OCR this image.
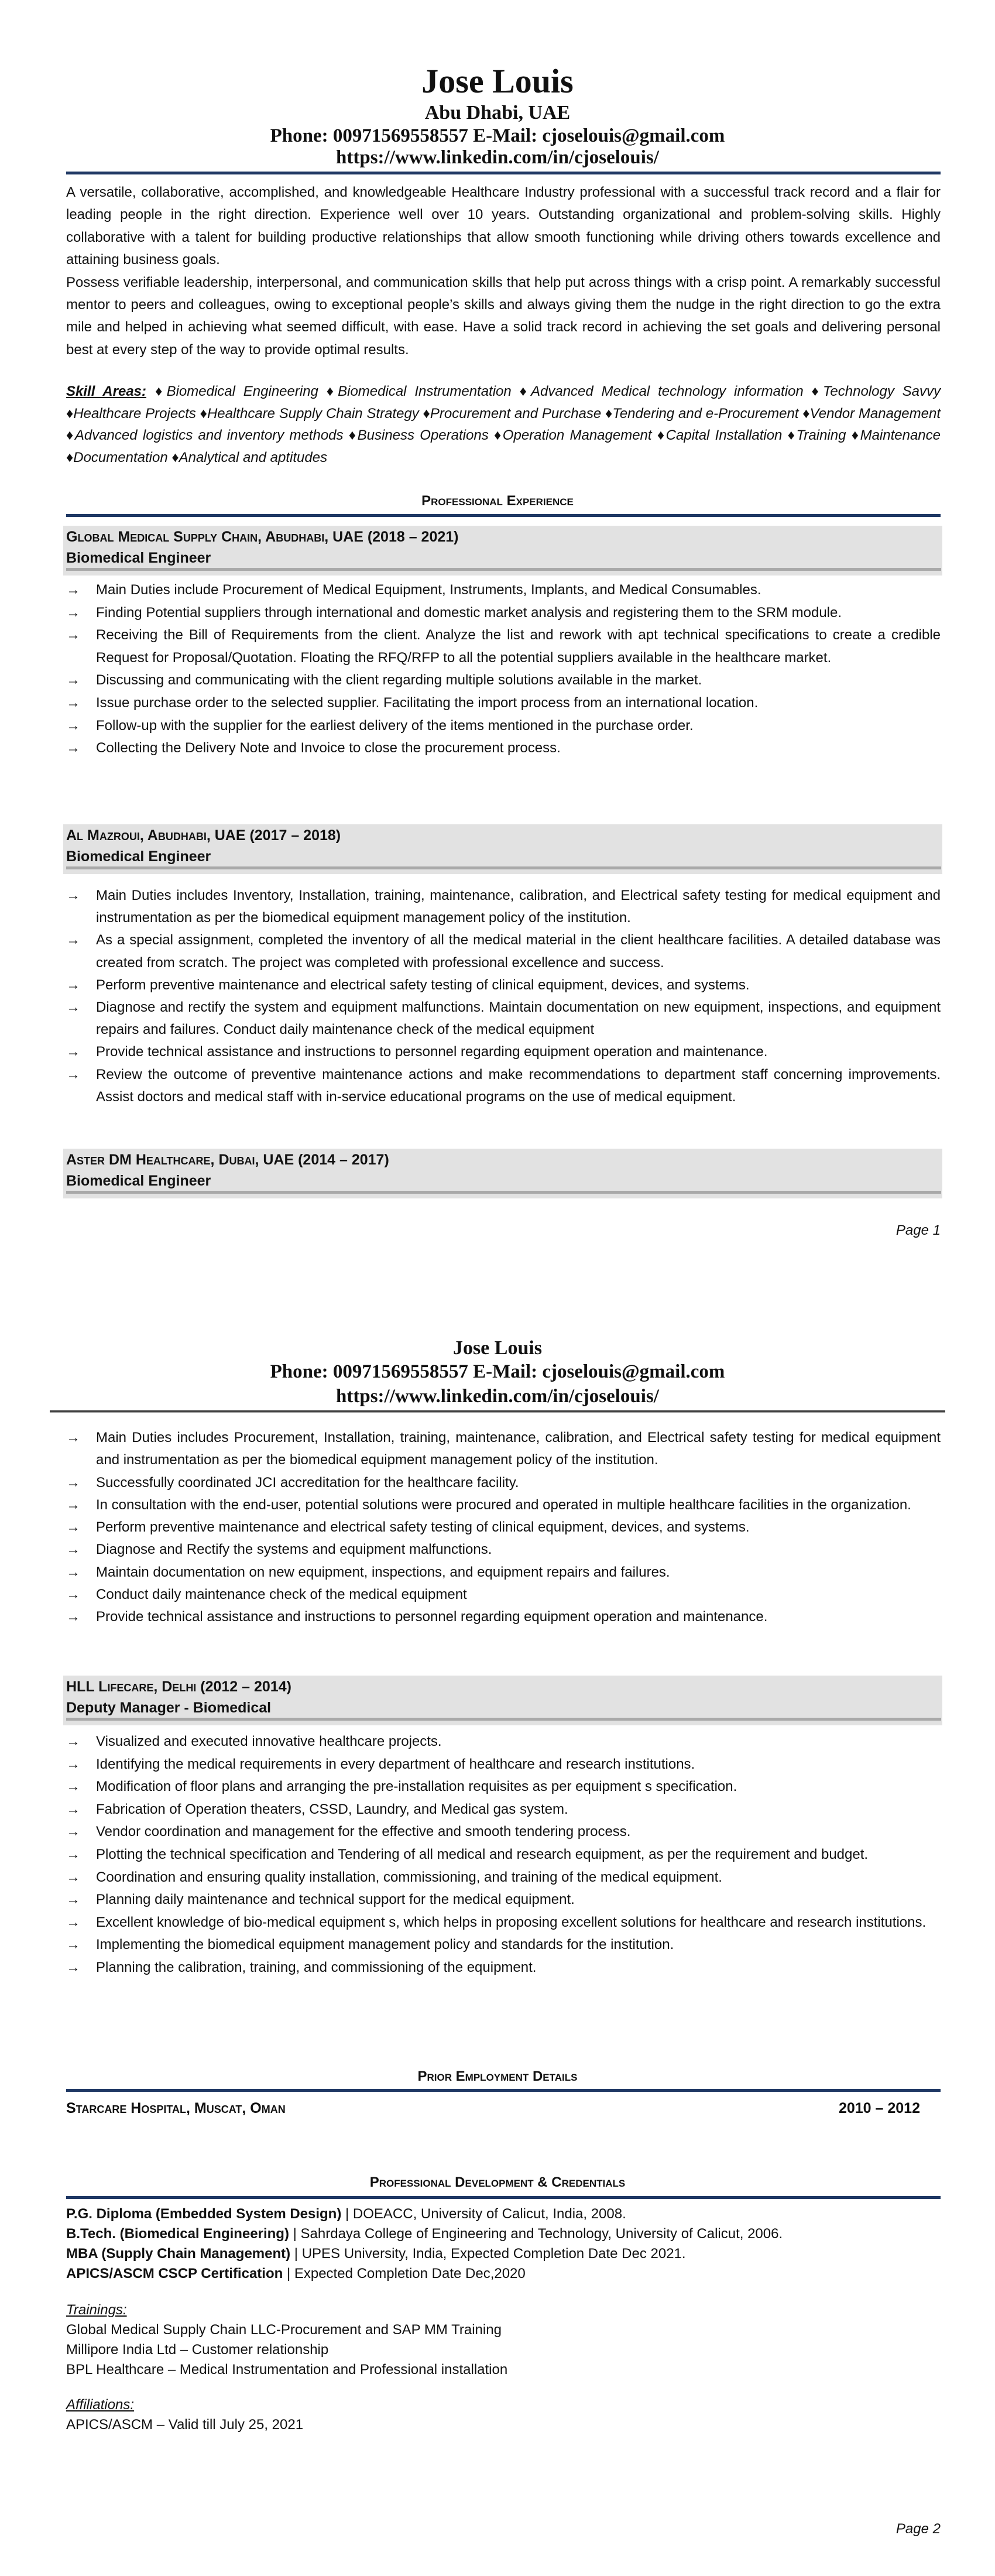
Jose Louis
Abu Dhabi, UAE
Phone: 00971569558557 E-Mail: cjoselouis@gmail.com
https://www.linkedin.com/in/cjoselouis/

A versatile, collaborative, accomplished, and knowledgeable Healthcare Industry professional with a successful track record and a flair for leading people in the right direction. Experience well over 10 years. Outstanding organizational and problem-solving skills. Highly collaborative with a talent for building productive relationships that allow smooth functioning while driving others towards excellence and attaining business goals.

Possess verifiable leadership, interpersonal, and communication skills that help put across things with a crisp point. A remarkably successful mentor to peers and colleagues, owing to exceptional people’s skills and always giving them the nudge in the right direction to go the extra mile and helped in achieving what seemed difficult, with ease. Have a solid track record in achieving the set goals and delivering personal best at every step of the way to provide optimal results.

Skill Areas: ♦Biomedical Engineering ♦Biomedical Instrumentation ♦Advanced Medical technology information ♦Technology Savvy ♦Healthcare Projects ♦Healthcare Supply Chain Strategy ♦Procurement and Purchase ♦Tendering and e-Procurement ♦Vendor Management ♦Advanced logistics and inventory methods ♦Business Operations ♦Operation Management ♦Capital Installation ♦Training ♦Maintenance ♦Documentation ♦Analytical and aptitudes

Professional Experience
Global Medical Supply Chain, Abudhabi, UAE (2018 – 2021)
Biomedical Engineer
→ Main Duties include Procurement of Medical Equipment, Instruments, Implants, and Medical Consumables.
→ Finding Potential suppliers through international and domestic market analysis and registering them to the SRM module.
→ Receiving the Bill of Requirements from the client. Analyze the list and rework with apt technical specifications to create a credible Request for Proposal/Quotation. Floating the RFQ/RFP to all the potential suppliers available in the healthcare market.
→ Discussing and communicating with the client regarding multiple solutions available in the market.
→ Issue purchase order to the selected supplier. Facilitating the import process from an international location.
→ Follow-up with the supplier for the earliest delivery of the items mentioned in the purchase order.
→ Collecting the Delivery Note and Invoice to close the procurement process.
Al Mazroui, Abudhabi, UAE (2017 – 2018)
Biomedical Engineer
→ Main Duties includes Inventory, Installation, training, maintenance, calibration, and Electrical safety testing for medical equipment and instrumentation as per the biomedical equipment management policy of the institution.
→ As a special assignment, completed the inventory of all the medical material in the client healthcare facilities. A detailed database was created from scratch. The project was completed with professional excellence and success.
→ Perform preventive maintenance and electrical safety testing of clinical equipment, devices, and systems.
→ Diagnose and rectify the system and equipment malfunctions. Maintain documentation on new equipment, inspections, and equipment repairs and failures. Conduct daily maintenance check of the medical equipment
→ Provide technical assistance and instructions to personnel regarding equipment operation and maintenance.
→ Review the outcome of preventive maintenance actions and make recommendations to department staff concerning improvements. Assist doctors and medical staff with in-service educational programs on the use of medical equipment.
Aster DM Healthcare, Dubai, UAE (2014 – 2017)
Biomedical Engineer
Page 1
Jose Louis
Phone: 00971569558557 E-Mail: cjoselouis@gmail.com
https://www.linkedin.com/in/cjoselouis/
→ Main Duties includes Procurement, Installation, training, maintenance, calibration, and Electrical safety testing for medical equipment and instrumentation as per the biomedical equipment management policy of the institution.
→ Successfully coordinated JCI accreditation for the healthcare facility.
→ In consultation with the end-user, potential solutions were procured and operated in multiple healthcare facilities in the organization.
→ Perform preventive maintenance and electrical safety testing of clinical equipment, devices, and systems.
→ Diagnose and Rectify the systems and equipment malfunctions.
→ Maintain documentation on new equipment, inspections, and equipment repairs and failures.
→ Conduct daily maintenance check of the medical equipment
→ Provide technical assistance and instructions to personnel regarding equipment operation and maintenance.
HLL Lifecare, Delhi (2012 – 2014)
Deputy Manager - Biomedical
→ Visualized and executed innovative healthcare projects.
→ Identifying the medical requirements in every department of healthcare and research institutions.
→ Modification of floor plans and arranging the pre-installation requisites as per equipment s specification.
→ Fabrication of Operation theaters, CSSD, Laundry, and Medical gas system.
→ Vendor coordination and management for the effective and smooth tendering process.
→ Plotting the technical specification and Tendering of all medical and research equipment, as per the requirement and budget.
→ Coordination and ensuring quality installation, commissioning, and training of the medical equipment.
→ Planning daily maintenance and technical support for the medical equipment.
→ Excellent knowledge of bio-medical equipment s, which helps in proposing excellent solutions for healthcare and research institutions.
→ Implementing the biomedical equipment management policy and standards for the institution.
→ Planning the calibration, training, and commissioning of the equipment.
Prior Employment Details
Starcare Hospital, Muscat, Oman	2010 – 2012
Professional Development & Credentials
P.G. Diploma (Embedded System Design) | DOEACC, University of Calicut, India, 2008.
B.Tech. (Biomedical Engineering) | Sahrdaya College of Engineering and Technology, University of Calicut, 2006.
MBA (Supply Chain Management) | UPES University, India, Expected Completion Date Dec 2021.
APICS/ASCM CSCP Certification | Expected Completion Date Dec,2020
Trainings:
Global Medical Supply Chain LLC-Procurement and SAP MM Training
Millipore India Ltd – Customer relationship
BPL Healthcare – Medical Instrumentation and Professional installation
Affiliations:
APICS/ASCM – Valid till July 25, 2021
Page 2
